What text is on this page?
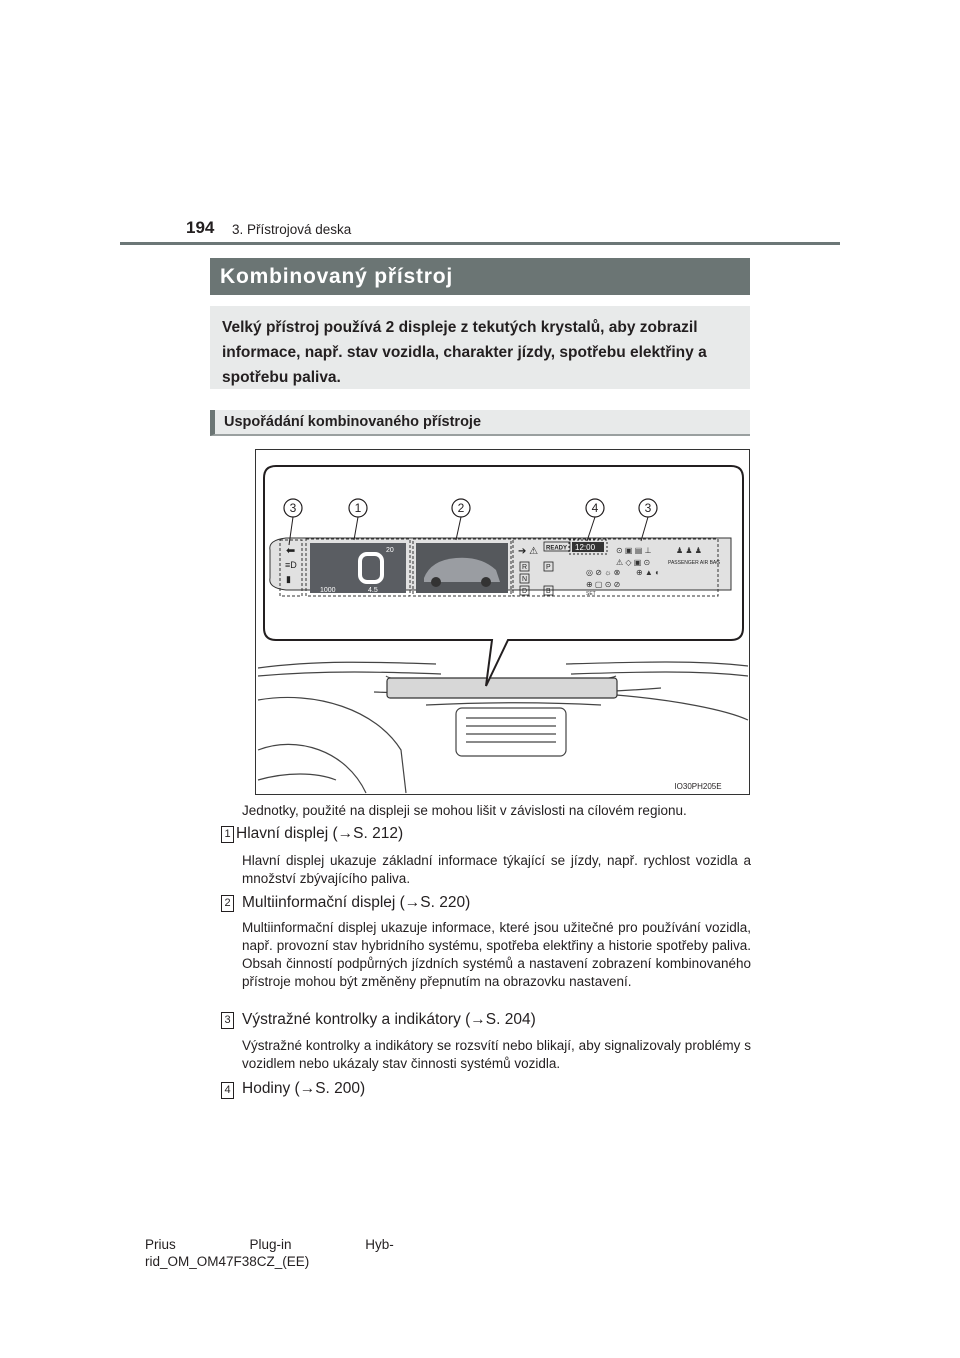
194 3. Přístrojová deska
Kombinovaný přístroj
Velký přístroj používá 2 displeje z tekutých krystalů, aby zobrazil informace, např. stav vozidla, charakter jízdy, spotřebu elektřiny a spotřebu paliva.
Uspořádání kombinovaného přístroje
⬅
≡D
▮
20
1000	4.5
➔ ⚠ READY 12:00
R
N
D
P
B
⊙ ▣ ▤ ⊥	♟ ♟ ♟
⚠ ◇ ▣ ⊙
◎ ⊘ ☼ ⊗ ⊕ ▲ ◐
⊕ ▢ ⊙ ⊘
SET
PASSENGER AIR BAG
3	1	2	4	3
IO30PH205E
Jednotky, použité na displeji se mohou lišit v závislosti na cílovém regionu.
1 Hlavní displej (→S. 212)
Hlavní displej ukazuje základní informace týkající se jízdy, např. rychlost vozidla a množství zbývajícího paliva.
2 Multiinformační displej (→S. 220)
Multiinformační displej ukazuje informace, které jsou užitečné pro používání vozidla, např. provozní stav hybridního systému, spotřeba elektřiny a historie spotřeby paliva. Obsah činností podpůrných jízdních systémů a nastavení zobrazení kombinovaného přístroje mohou být změněny přepnutím na obrazovku nastavení.
3 Výstražné kontrolky a indikátory (→S. 204)
Výstražné kontrolky a indikátory se rozsvítí nebo blikají, aby signalizovaly problémy s vozidlem nebo ukázaly stav činnosti systémů vozidla.
4 Hodiny (→S. 200)
Prius Plug-in Hyb-
rid_OM_OM47F38CZ_(EE)
